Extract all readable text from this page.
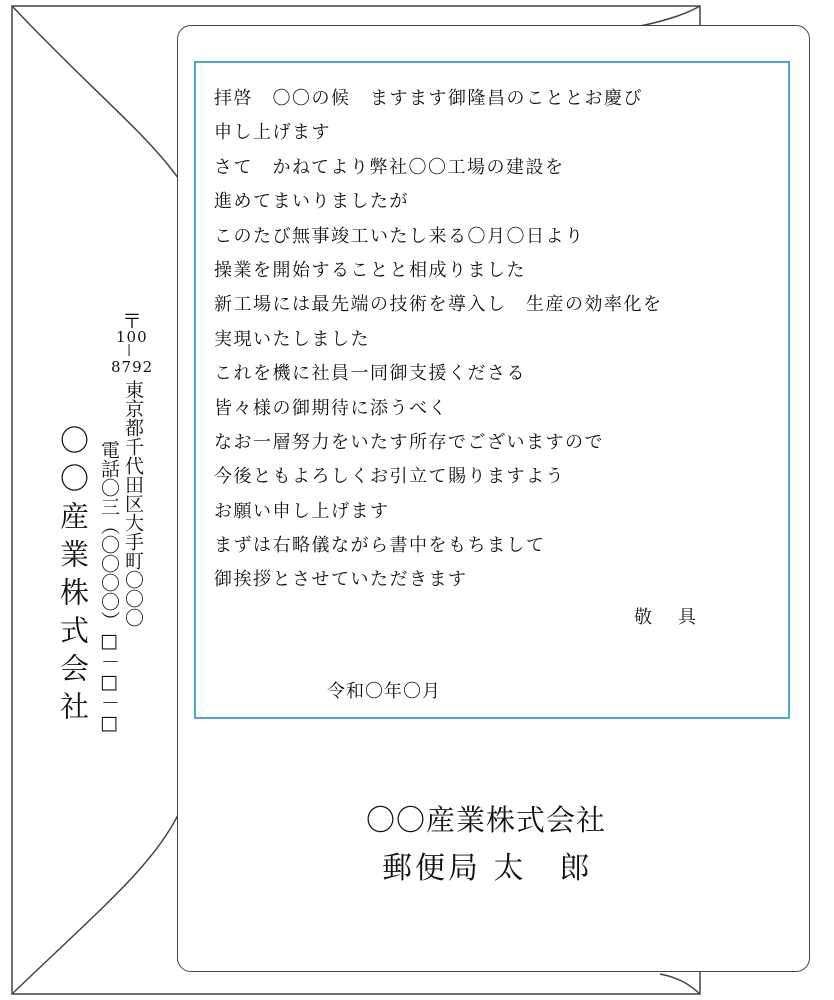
〒
100
|
8792
東京都千代田区大手町〇〇〇
電話〇三（〇〇〇〇）□－□－□
〇〇産業株式会社
拝啓　〇〇の候　ますます御隆昌のこととお慶び
申し上げます
さて　かねてより弊社〇〇工場の建設を
進めてまいりましたが
このたび無事竣工いたし来る〇月〇日より
操業を開始することと相成りました
新工場には最先端の技術を導入し　生産の効率化を
実現いたしました
これを機に社員一同御支援くださる
皆々様の御期待に添うべく
なお一層努力をいたす所存でございますので
今後ともよろしくお引立て賜りますよう
お願い申し上げます
まずは右略儀ながら書中をもちまして
御挨拶とさせていただきます
敬　具
令和〇年〇月
〇〇産業株式会社
郵便局 太　郎
